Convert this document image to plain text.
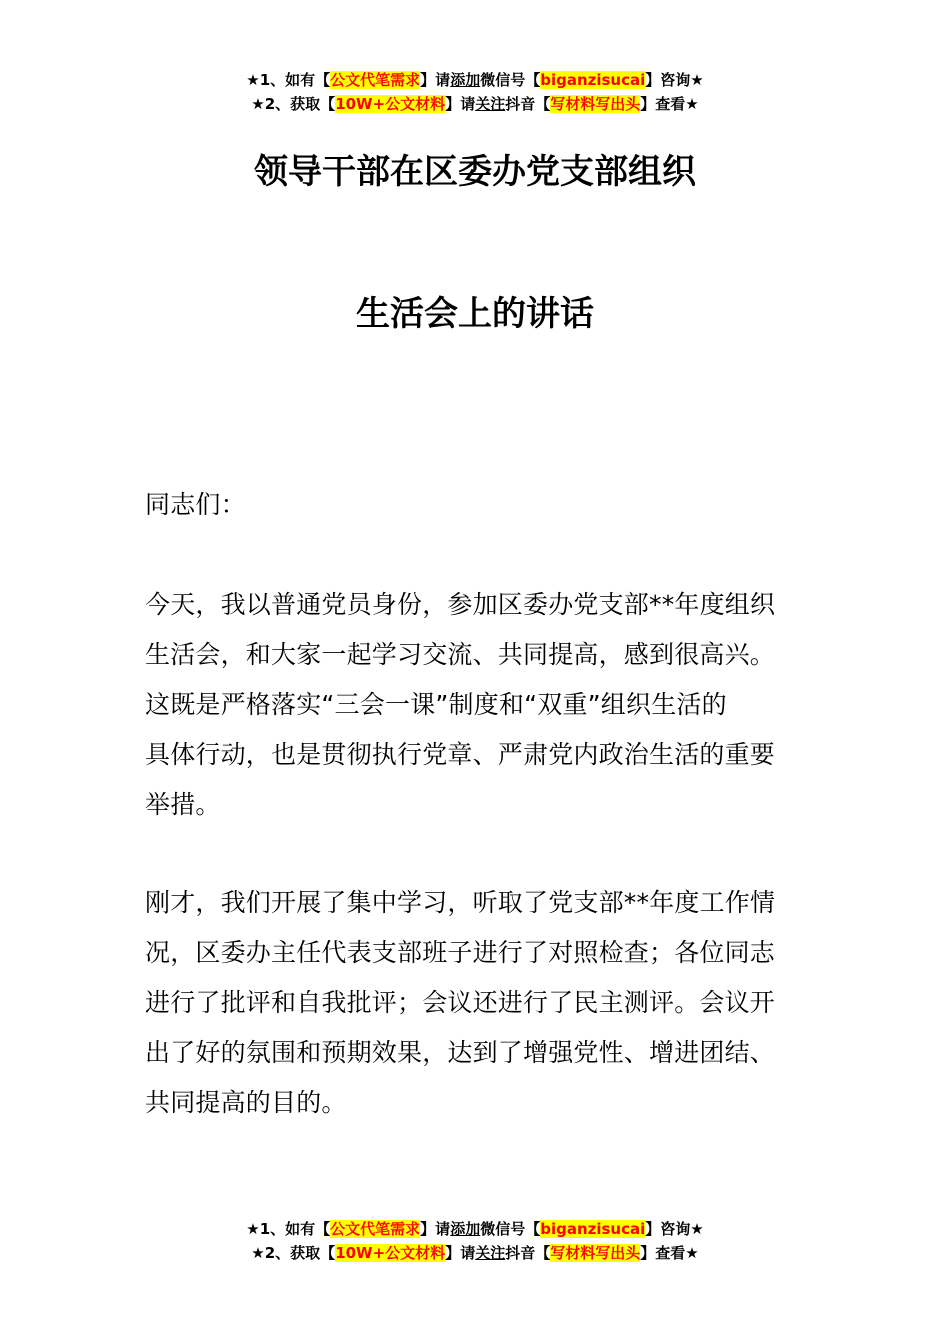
★1、如有【公文代笔需求】请添加微信号【biganzisucai】咨询★
★2、获取【10W+公文材料】请关注抖音【写材料写出头】查看★
领导干部在区委办党支部组织
生活会上的讲话
同志们：
今天，我以普通党员身份，参加区委办党支部**年度组织
生活会，和大家一起学习交流、共同提高，感到很高兴。
这既是严格落实“三会一课”制度和“双重”组织生活的
具体行动，也是贯彻执行党章、严肃党内政治生活的重要
举措。
刚才，我们开展了集中学习，听取了党支部**年度工作情
况，区委办主任代表支部班子进行了对照检查；各位同志
进行了批评和自我批评；会议还进行了民主测评。会议开
出了好的氛围和预期效果，达到了增强党性、增进团结、
共同提高的目的。
★1、如有【公文代笔需求】请添加微信号【biganzisucai】咨询★
★2、获取【10W+公文材料】请关注抖音【写材料写出头】查看★
